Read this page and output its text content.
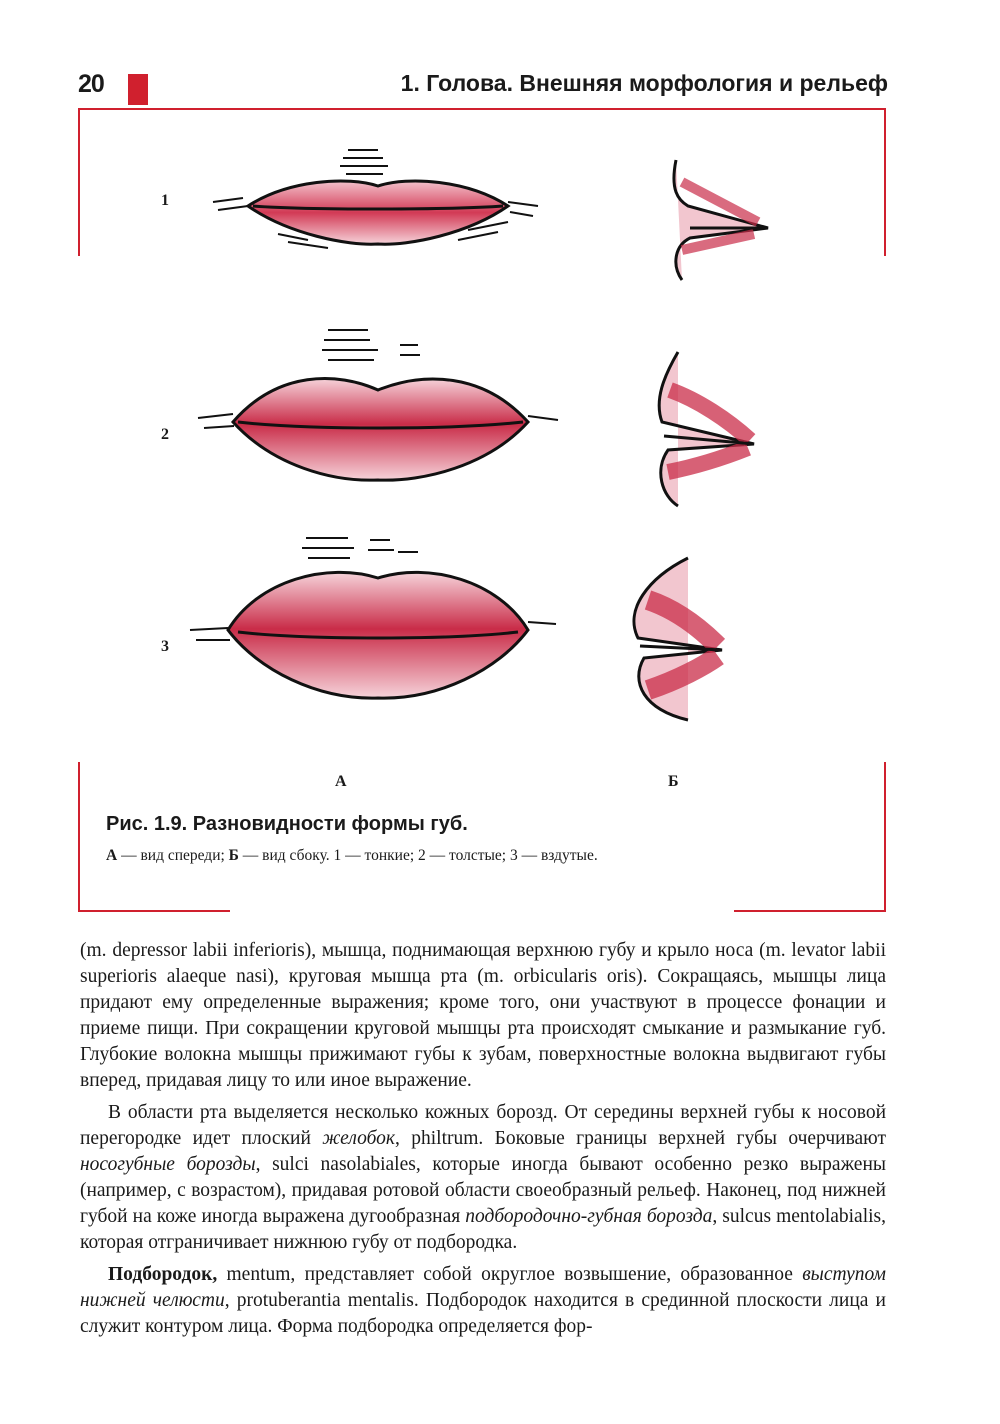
20	1. Голова. Внешняя морфология и рельеф
1
2
3
А	Б
Рис. 1.9. Разновидности формы губ.
А — вид спереди; Б — вид сбоку. 1 — тонкие; 2 — толстые; 3 — вздутые.

(m. depressor labii inferioris), мышца, поднимающая верхнюю губу и крыло носа (m. levator labii superioris alaeque nasi), круговая мышца рта (m. orbicularis oris). Сокращаясь, мышцы лица придают ему определенные выражения; кроме того, они участвуют в процессе фонации и приеме пищи. При сокращении круговой мышцы рта происходят смыкание и размыкание губ. Глубокие волокна мышцы прижимают губы к зубам, поверхностные волокна выдвигают губы вперед, придавая лицу то или иное выражение.

В области рта выделяется несколько кожных борозд. От середины верхней губы к носовой перегородке идет плоский желобок, philtrum. Боковые границы верхней губы очерчивают носогубные борозды, sulci nasolabiales, которые иногда бывают особенно резко выражены (например, с возрастом), придавая ротовой области своеобразный рельеф. Наконец, под нижней губой на коже иногда выражена дугообразная подбородочно-губная борозда, sulcus mentolabialis, которая отграничивает нижнюю губу от подбородка.

Подбородок, mentum, представляет собой округлое возвышение, образованное выступом нижней челюсти, protuberantia mentalis. Подбородок находится в срединной плоскости лица и служит контуром лица. Форма подбородка определяется фор-
